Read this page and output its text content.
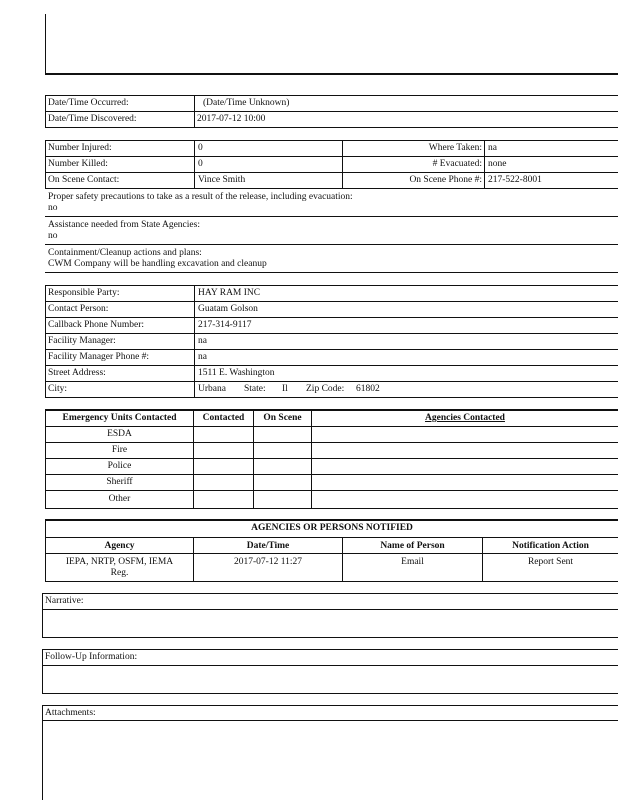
Date/Time Occurred:	(Date/Time Unknown)
Date/Time Discovered:	2017-07-12 10:00
Number Injured:	0	Where Taken: na
Number Killed:	0	# Evacuated: none
On Scene Contact:	Vince Smith	On Scene Phone #: 217-522-8001
Proper safety precautions to take as a result of the release, including evacuation:
no
Assistance needed from State Agencies:
no
Containment/Cleanup actions and plans:
CWM Company will be handling excavation and cleanup
Responsible Party:	HAY RAM INC
Contact Person:	Guatam Golson
Callback Phone Number:	217-314-9117
Facility Manager:	na
Facility Manager Phone #:	na
Street Address:	1511 E. Washington
City:	Urbana State: Il Zip Code: 61802
Emergency Units Contacted	Contacted	On Scene	Agencies Contacted
ESDA
Fire
Police
Sheriff
Other
AGENCIES OR PERSONS NOTIFIED
Agency	Date/Time	Name of Person	Notification Action
IEPA, NRTP, OSFM, IEMA
Reg.
2017-07-12 11:27	Email	Report Sent
Narrative:
Follow-Up Information:
Attachments:
